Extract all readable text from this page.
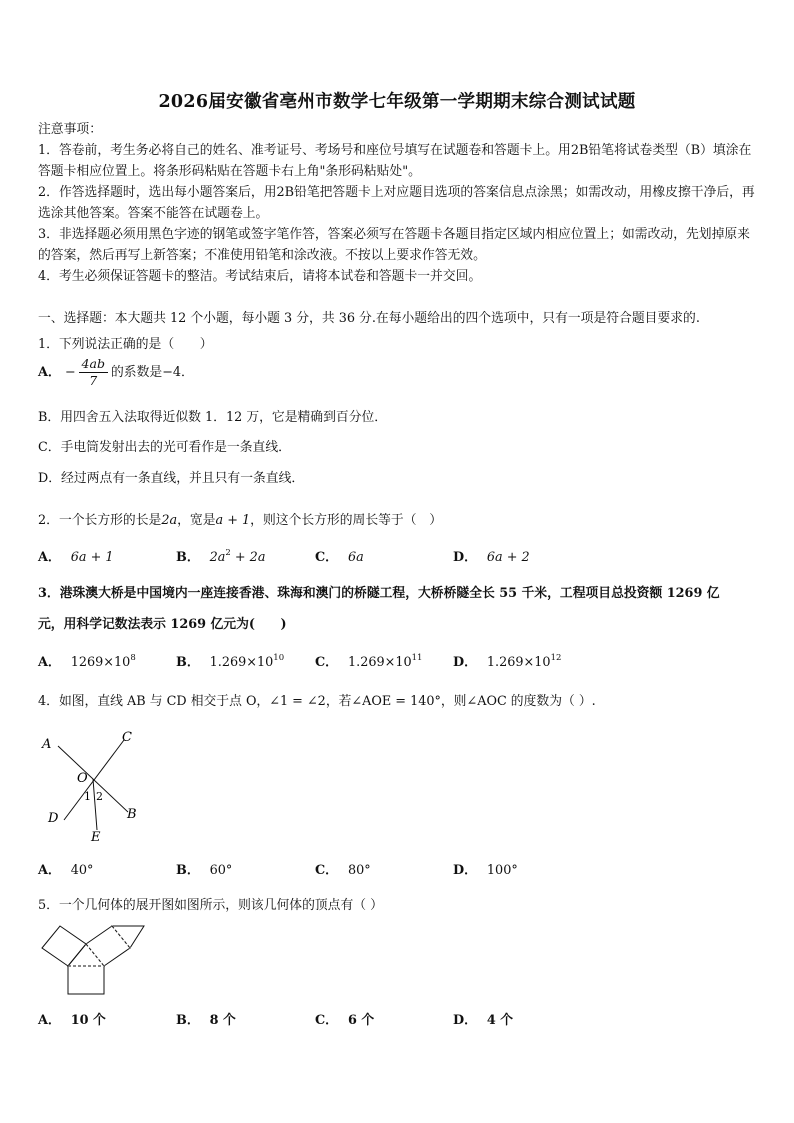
2026届安徽省亳州市数学七年级第一学期期末综合测试试题
注意事项：
1．答卷前，考生务必将自己的姓名、准考证号、考场号和座位号填写在试题卷和答题卡上。用2B铅笔将试卷类型（B）填涂在答题卡相应位置上。将条形码粘贴在答题卡右上角"条形码粘贴处"。
2．作答选择题时，选出每小题答案后，用2B铅笔把答题卡上对应题目选项的答案信息点涂黑；如需改动，用橡皮擦干净后，再选涂其他答案。答案不能答在试题卷上。
3．非选择题必须用黑色字迹的钢笔或签字笔作答，答案必须写在答题卡各题目指定区域内相应位置上；如需改动，先划掉原来的答案，然后再写上新答案；不准使用铅笔和涂改液。不按以上要求作答无效。
4．考生必须保证答题卡的整洁。考试结束后，请将本试卷和答题卡一并交回。
一、选择题：本大题共 12 个小题，每小题 3 分，共 36 分.在每小题给出的四个选项中，只有一项是符合题目要求的.
1．下列说法正确的是（　　）
A． − $\frac{4ab}{7}$ 的系数是−4．
B．用四舍五入法取得近似数 1．12 万，它是精确到百分位．
C．手电筒发射出去的光可看作是一条直线．
D．经过两点有一条直线，并且只有一条直线．
2．一个长方形的长是2a，宽是a + 1，则这个长方形的周长等于（　）
A． 6a + 1	B． $2a^2 + 2a$	C． 6a	D． 6a + 2
3．港珠澳大桥是中国境内一座连接香港、珠海和澳门的桥隧工程，大桥桥隧全长 55 千米，工程项目总投资额 1269 亿
元，用科学记数法表示 1269 亿元为(　　)
A． $1269\times 10^8$	B． $1.269\times 10^{10}$ C． $1.269\times 10^{11}$ D． $1.269\times 10^{12}$
4．如图，直线 AB 与 CD 相交于点 O，∠1 = ∠2，若∠AOE = 140°，则∠AOC 的度数为（ ）.
A	C
O
1 2
D	B
E
A． 40°	B． 60°	C． 80°	D． 100°
5．一个几何体的展开图如图所示，则该几何体的顶点有（ ）
A． 10 个	B． 8 个	C． 6 个	D． 4 个
